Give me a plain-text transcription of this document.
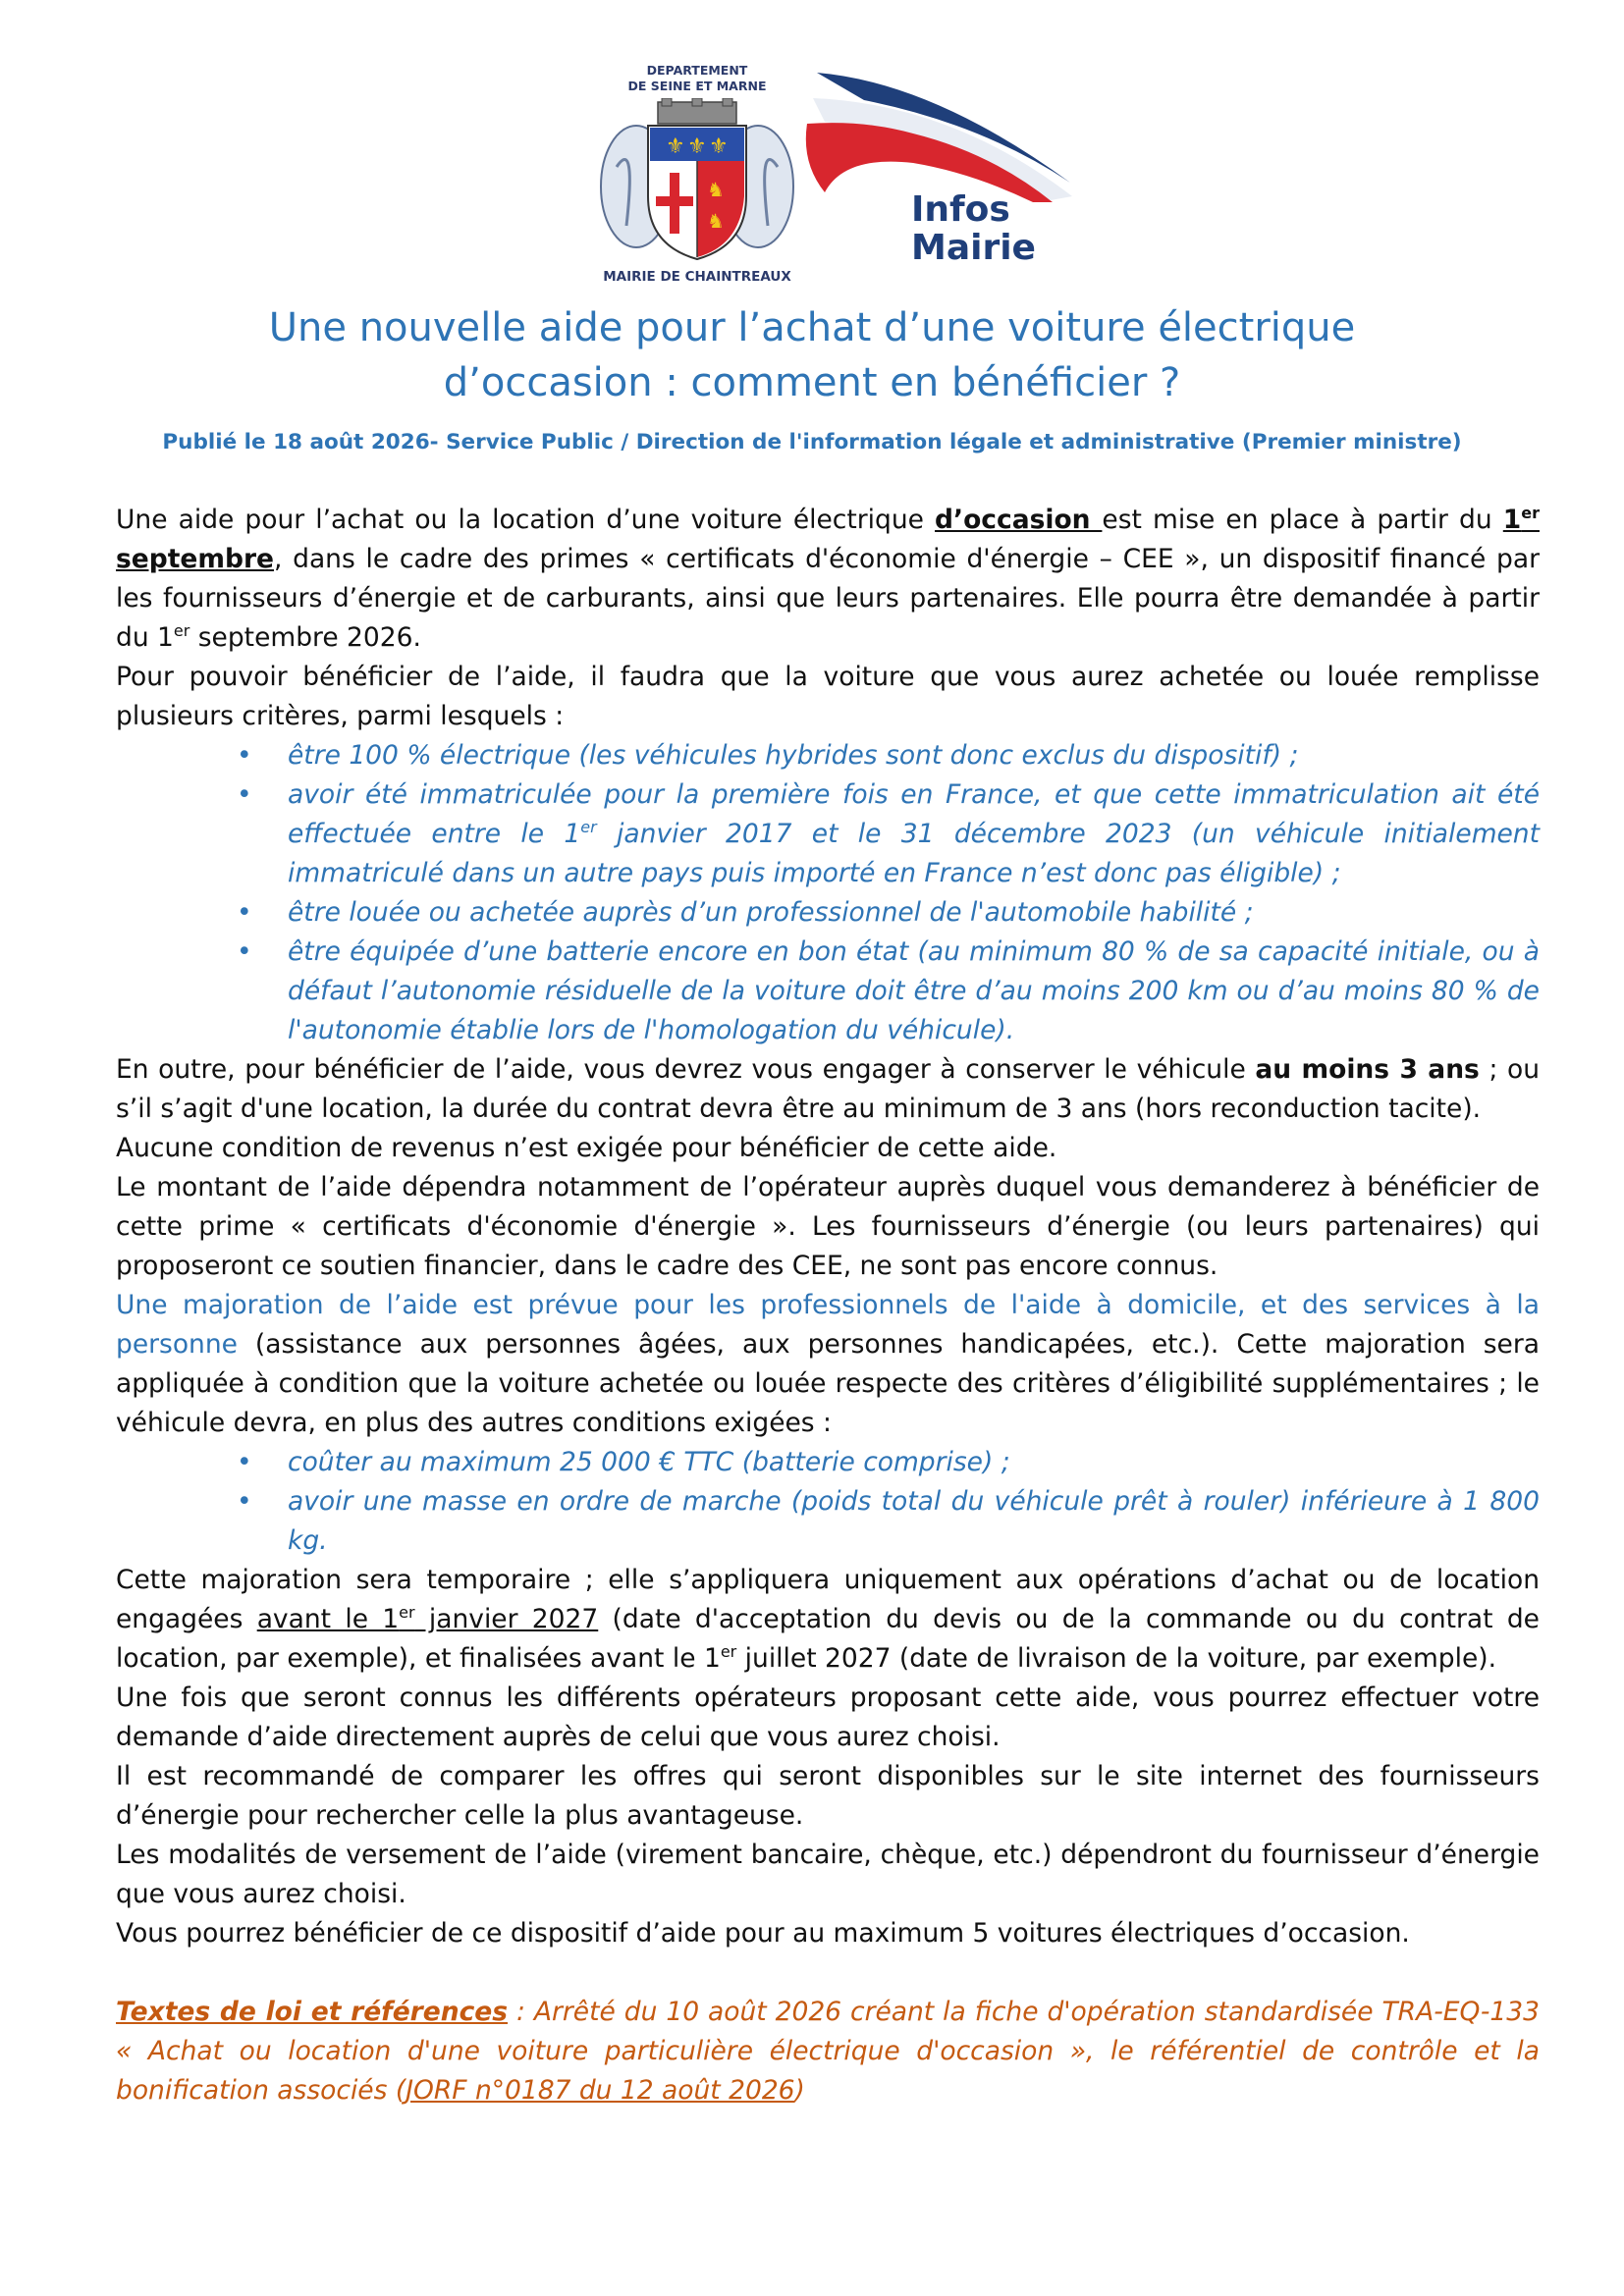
DEPARTEMENT
DE SEINE ET MARNE
⚜ ⚜ ⚜
♞
♞
MAIRIE DE CHAINTREAUX
Infos
Mairie
Une nouvelle aide pour l’achat d’une voiture électrique
d’occasion : comment en bénéficier ?
Publié le 18 août 2026- Service Public / Direction de l'information légale et administrative (Premier ministre)

Une aide pour l’achat ou la location d’une voiture électrique d’occasion est mise en place à partir du 1er septembre, dans le cadre des primes « certificats d'économie d'énergie – CEE », un dispositif financé par les fournisseurs d’énergie et de carburants, ainsi que leurs partenaires. Elle pourra être demandée à partir du 1er septembre 2026.

Pour pouvoir bénéficier de l’aide, il faudra que la voiture que vous aurez achetée ou louée remplisse plusieurs critères, parmi lesquels :

• être 100 % électrique (les véhicules hybrides sont donc exclus du dispositif) ;
• avoir été immatriculée pour la première fois en France, et que cette immatriculation ait été effectuée entre le 1er janvier 2017 et le 31 décembre 2023 (un véhicule initialement immatriculé dans un autre pays puis importé en France n’est donc pas éligible) ;
• être louée ou achetée auprès d’un professionnel de l'automobile habilité ;
• être équipée d’une batterie encore en bon état (au minimum 80 % de sa capacité initiale, ou à défaut l’autonomie résiduelle de la voiture doit être d’au moins 200 km ou d’au moins 80 % de l'autonomie établie lors de l'homologation du véhicule).

En outre, pour bénéficier de l’aide, vous devrez vous engager à conserver le véhicule au moins 3 ans ; ou s’il s’agit d'une location, la durée du contrat devra être au minimum de 3 ans (hors reconduction tacite).

Aucune condition de revenus n’est exigée pour bénéficier de cette aide.

Le montant de l’aide dépendra notamment de l’opérateur auprès duquel vous demanderez à bénéficier de cette prime « certificats d'économie d'énergie ». Les fournisseurs d’énergie (ou leurs partenaires) qui proposeront ce soutien financier, dans le cadre des CEE, ne sont pas encore connus.

Une majoration de l’aide est prévue pour les professionnels de l'aide à domicile, et des services à la personne (assistance aux personnes âgées, aux personnes handicapées, etc.). Cette majoration sera appliquée à condition que la voiture achetée ou louée respecte des critères d’éligibilité supplémentaires ; le véhicule devra, en plus des autres conditions exigées :

• coûter au maximum 25 000 € TTC (batterie comprise) ;
• avoir une masse en ordre de marche (poids total du véhicule prêt à rouler) inférieure à 1 800 kg.

Cette majoration sera temporaire ; elle s’appliquera uniquement aux opérations d’achat ou de location engagées avant le 1er janvier 2027 (date d'acceptation du devis ou de la commande ou du contrat de location, par exemple), et finalisées avant le 1er juillet 2027 (date de livraison de la voiture, par exemple).

Une fois que seront connus les différents opérateurs proposant cette aide, vous pourrez effectuer votre demande d’aide directement auprès de celui que vous aurez choisi.

Il est recommandé de comparer les offres qui seront disponibles sur le site internet des fournisseurs d’énergie pour rechercher celle la plus avantageuse.

Les modalités de versement de l’aide (virement bancaire, chèque, etc.) dépendront du fournisseur d’énergie que vous aurez choisi.

Vous pourrez bénéficier de ce dispositif d’aide pour au maximum 5 voitures électriques d’occasion.

Textes de loi et références : Arrêté du 10 août 2026 créant la fiche d'opération standardisée TRA-EQ-133 « Achat ou location d'une voiture particulière électrique d'occasion », le référentiel de contrôle et la bonification associés (JORF n°0187 du 12 août 2026)
